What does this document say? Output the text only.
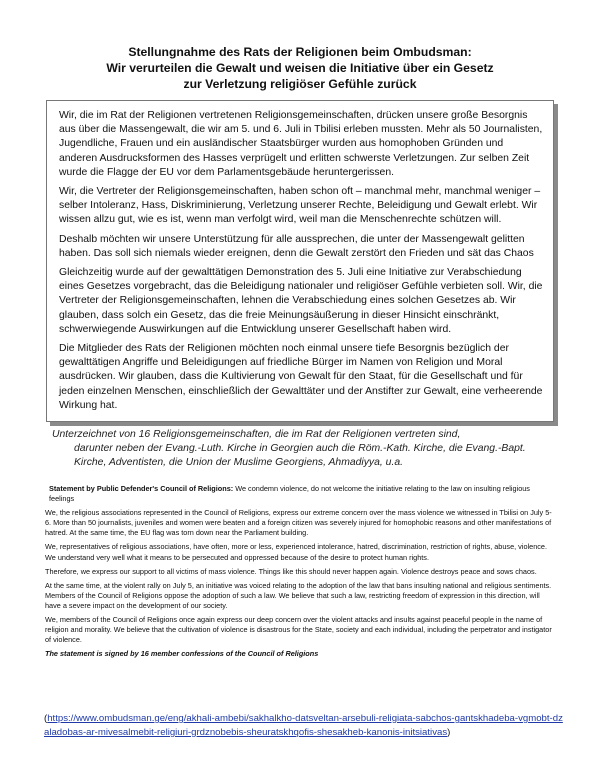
Stellungnahme des Rats der Religionen beim Ombudsman:
Wir verurteilen die Gewalt und weisen die Initiative über ein Gesetz
zur Verletzung religiöser Gefühle zurück

Wir, die im Rat der Religionen vertretenen Religionsgemeinschaften, drücken unsere große Besorgnis aus über die Massengewalt, die wir am 5. und 6. Juli in Tbilisi erleben mussten. Mehr als 50 Journalisten, Jugendliche, Frauen und ein ausländischer Staatsbürger wurden aus homophoben Gründen und anderen Ausdrucksformen des Hasses verprügelt und erlitten schwerste Verletzungen. Zur selben Zeit wurde die Flagge der EU vor dem Parlamentsgebäude heruntergerissen.

Wir, die Vertreter der Religionsgemeinschaften, haben schon oft – manchmal mehr, manchmal weniger – selber Intoleranz, Hass, Diskriminierung, Verletzung unserer Rechte, Beleidigung und Gewalt erlebt. Wir wissen allzu gut, wie es ist, wenn man verfolgt wird, weil man die Menschenrechte schützen will.

Deshalb möchten wir unsere Unterstützung für alle aussprechen, die unter der Massengewalt gelitten haben. Das soll sich niemals wieder ereignen, denn die Gewalt zerstört den Frieden und sät das Chaos

Gleichzeitig wurde auf der gewalttätigen Demonstration des 5. Juli eine Initiative zur Verabschiedung eines Gesetzes vorgebracht, das die Beleidigung nationaler und religiöser Gefühle verbieten soll. Wir, die Vertreter der Religionsgemeinschaften, lehnen die Verabschiedung eines solchen Gesetzes ab. Wir glauben, dass solch ein Gesetz, das die freie Meinungsäußerung in dieser Hinsicht einschränkt, schwerwiegende Auswirkungen auf die Entwicklung unserer Gesellschaft haben wird.

Die Mitglieder des Rats der Religionen möchten noch einmal unsere tiefe Besorgnis bezüglich der gewalttätigen Angriffe und Beleidigungen auf friedliche Bürger im Namen von Religion und Moral ausdrücken. Wir glauben, dass die Kultivierung von Gewalt für den Staat, für die Gesellschaft und für jeden einzelnen Menschen, einschließlich der Gewalttäter und der Anstifter zur Gewalt, eine verheerende Wirkung hat.

Unterzeichnet von 16 Religionsgemeinschaften, die im Rat der Religionen vertreten sind,
darunter neben der Evang.-Luth. Kirche in Georgien auch die Röm.-Kath. Kirche, die Evang.-Bapt. Kirche, Adventisten, die Union der Muslime Georgiens, Ahmadiyya, u.a.

Statement by Public Defender's Council of Religions: We condemn violence, do not welcome the initiative relating to the law on insulting religious feelings

We, the religious associations represented in the Council of Religions, express our extreme concern over the mass violence we witnessed in Tbilisi on July 5-6. More than 50 journalists, juveniles and women were beaten and a foreign citizen was severely injured for homophobic reasons and other manifestations of hatred. At the same time, the EU flag was torn down near the Parliament building.

We, representatives of religious associations, have often, more or less, experienced intolerance, hatred, discrimination, restriction of rights, abuse, violence. We understand very well what it means to be persecuted and oppressed because of the desire to protect human rights.

Therefore, we express our support to all victims of mass violence. Things like this should never happen again. Violence destroys peace and sows chaos.

At the same time, at the violent rally on July 5, an initiative was voiced relating to the adoption of the law that bans insulting national and religious sentiments. Members of the Council of Religions oppose the adoption of such a law. We believe that such a law, restricting freedom of expression in this direction, will have a severe impact on the development of our society.

We, members of the Council of Religions once again express our deep concern over the violent attacks and insults against peaceful people in the name of religion and morality. We believe that the cultivation of violence is disastrous for the State, society and each individual, including the perpetrator and instigator of violence.

The statement is signed by 16 member confessions of the Council of Religions

(https://www.ombudsman.ge/eng/akhali-ambebi/sakhalkho-datsveltan-arsebuli-religiata-sabchos-gantskhadeba-vgmobt-dzaladobas-ar-mivesalmebit-religiuri-grdznobebis-sheuratskhqofis-shesakheb-kanonis-initsiativas)
